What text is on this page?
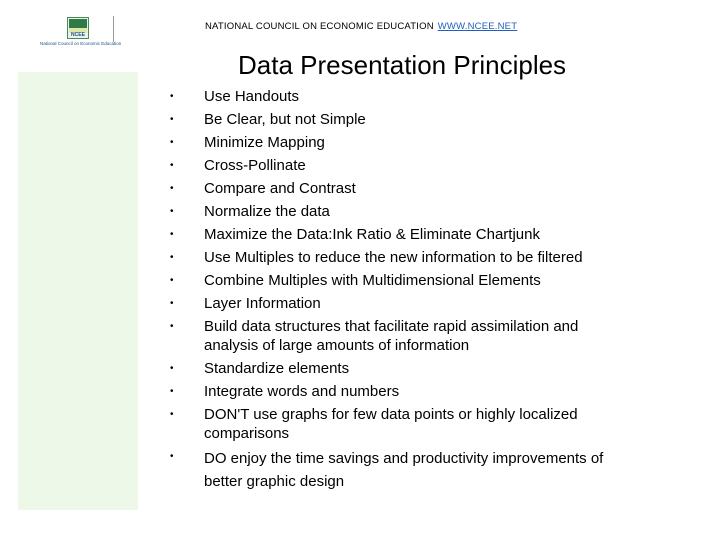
NCEE
National Council on Economic Education
NATIONAL COUNCIL ON ECONOMIC EDUCATION WWW.NCEE.NET
Data Presentation Principles
•	Use Handouts
•	Be Clear, but not Simple
•	Minimize Mapping
•	Cross-Pollinate
•	Compare and Contrast
•	Normalize the data
•	Maximize the Data:Ink Ratio & Eliminate Chartjunk
•	Use Multiples to reduce the new information to be filtered
•	Combine Multiples with Multidimensional Elements
•	Layer Information
•	Build data structures that facilitate rapid assimilation and analysis of large amounts of information
•	Standardize elements
•	Integrate words and numbers
•	DON'T use graphs for few data points or highly localized comparisons
•	DO enjoy the time savings and productivity improvements of better graphic design
